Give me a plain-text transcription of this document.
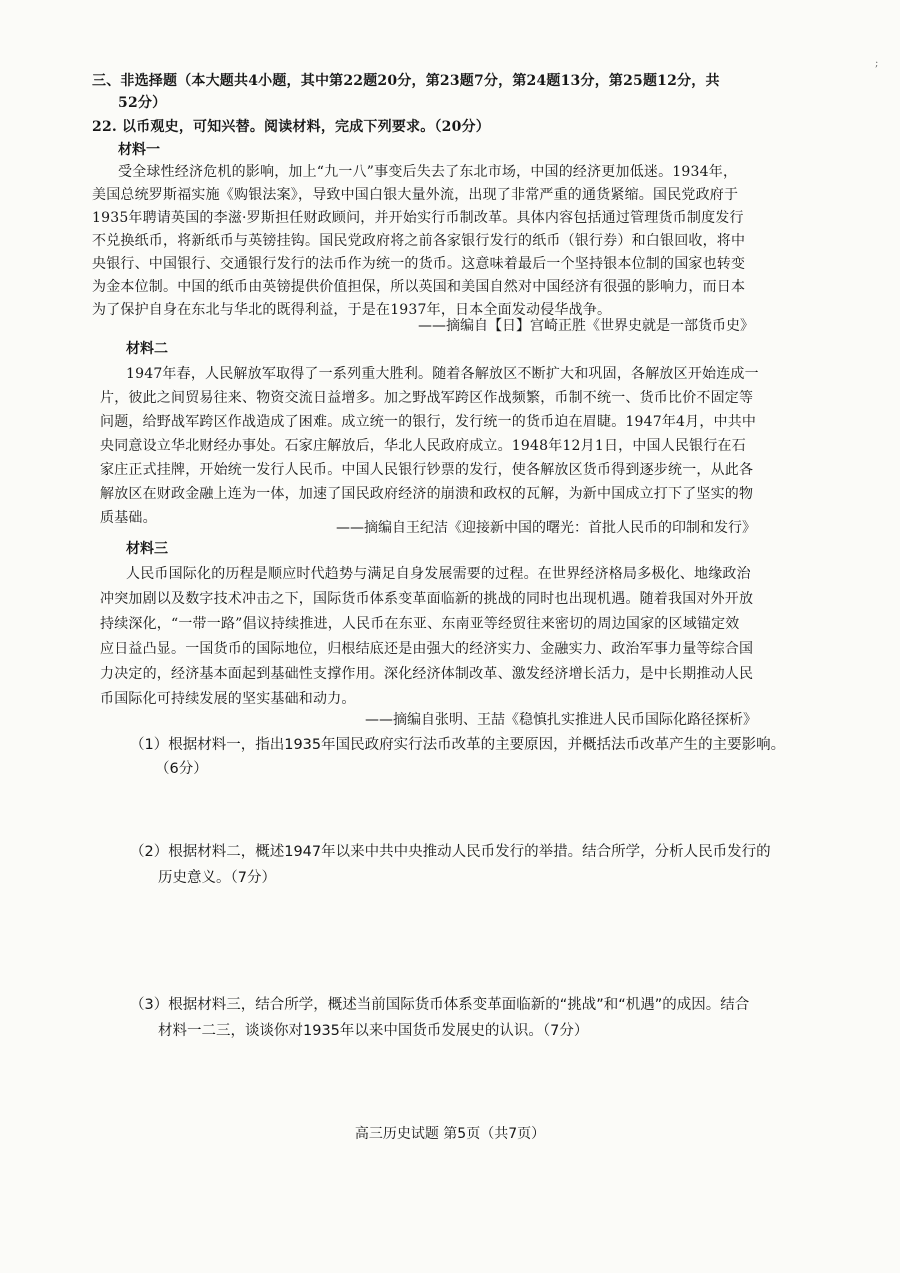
;
三、非选择题（本大题共4小题，其中第22题20分，第23题7分，第24题13分，第25题12分，共
52分）
22. 以币观史，可知兴替。阅读材料，完成下列要求。（20分）
材料一
受全球性经济危机的影响，加上“九一八”事变后失去了东北市场，中国的经济更加低迷。1934年，
美国总统罗斯福实施《购银法案》，导致中国白银大量外流，出现了非常严重的通货紧缩。国民党政府于
1935年聘请英国的李滋·罗斯担任财政顾问，并开始实行币制改革。具体内容包括通过管理货币制度发行
不兑换纸币，将新纸币与英镑挂钩。国民党政府将之前各家银行发行的纸币（银行券）和白银回收，将中
央银行、中国银行、交通银行发行的法币作为统一的货币。这意味着最后一个坚持银本位制的国家也转变
为金本位制。中国的纸币由英镑提供价值担保，所以英国和美国自然对中国经济有很强的影响力，而日本
为了保护自身在东北与华北的既得利益，于是在1937年，日本全面发动侵华战争。
——摘编自【日】宫崎正胜《世界史就是一部货币史》
材料二
1947年春，人民解放军取得了一系列重大胜利。随着各解放区不断扩大和巩固，各解放区开始连成一
片，彼此之间贸易往来、物资交流日益增多。加之野战军跨区作战频繁，币制不统一、货币比价不固定等
问题，给野战军跨区作战造成了困难。成立统一的银行，发行统一的货币迫在眉睫。1947年4月，中共中
央同意设立华北财经办事处。石家庄解放后，华北人民政府成立。1948年12月1日，中国人民银行在石
家庄正式挂牌，开始统一发行人民币。中国人民银行钞票的发行，使各解放区货币得到逐步统一，从此各
解放区在财政金融上连为一体，加速了国民政府经济的崩溃和政权的瓦解，为新中国成立打下了坚实的物
质基础。
——摘编自王纪洁《迎接新中国的曙光：首批人民币的印制和发行》
材料三
人民币国际化的历程是顺应时代趋势与满足自身发展需要的过程。在世界经济格局多极化、地缘政治
冲突加剧以及数字技术冲击之下，国际货币体系变革面临新的挑战的同时也出现机遇。随着我国对外开放
持续深化，“一带一路”倡议持续推进，人民币在东亚、东南亚等经贸往来密切的周边国家的区域锚定效
应日益凸显。一国货币的国际地位，归根结底还是由强大的经济实力、金融实力、政治军事力量等综合国
力决定的，经济基本面起到基础性支撑作用。深化经济体制改革、激发经济增长活力，是中长期推动人民
币国际化可持续发展的坚实基础和动力。
——摘编自张明、王喆《稳慎扎实推进人民币国际化路径探析》
（1）根据材料一，指出1935年国民政府实行法币改革的主要原因，并概括法币改革产生的主要影响。
（6分）
（2）根据材料二，概述1947年以来中共中央推动人民币发行的举措。结合所学，分析人民币发行的
历史意义。（7分）
（3）根据材料三，结合所学，概述当前国际货币体系变革面临新的“挑战”和“机遇”的成因。结合
材料一二三，谈谈你对1935年以来中国货币发展史的认识。（7分）
高三历史试题 第5页（共7页）
